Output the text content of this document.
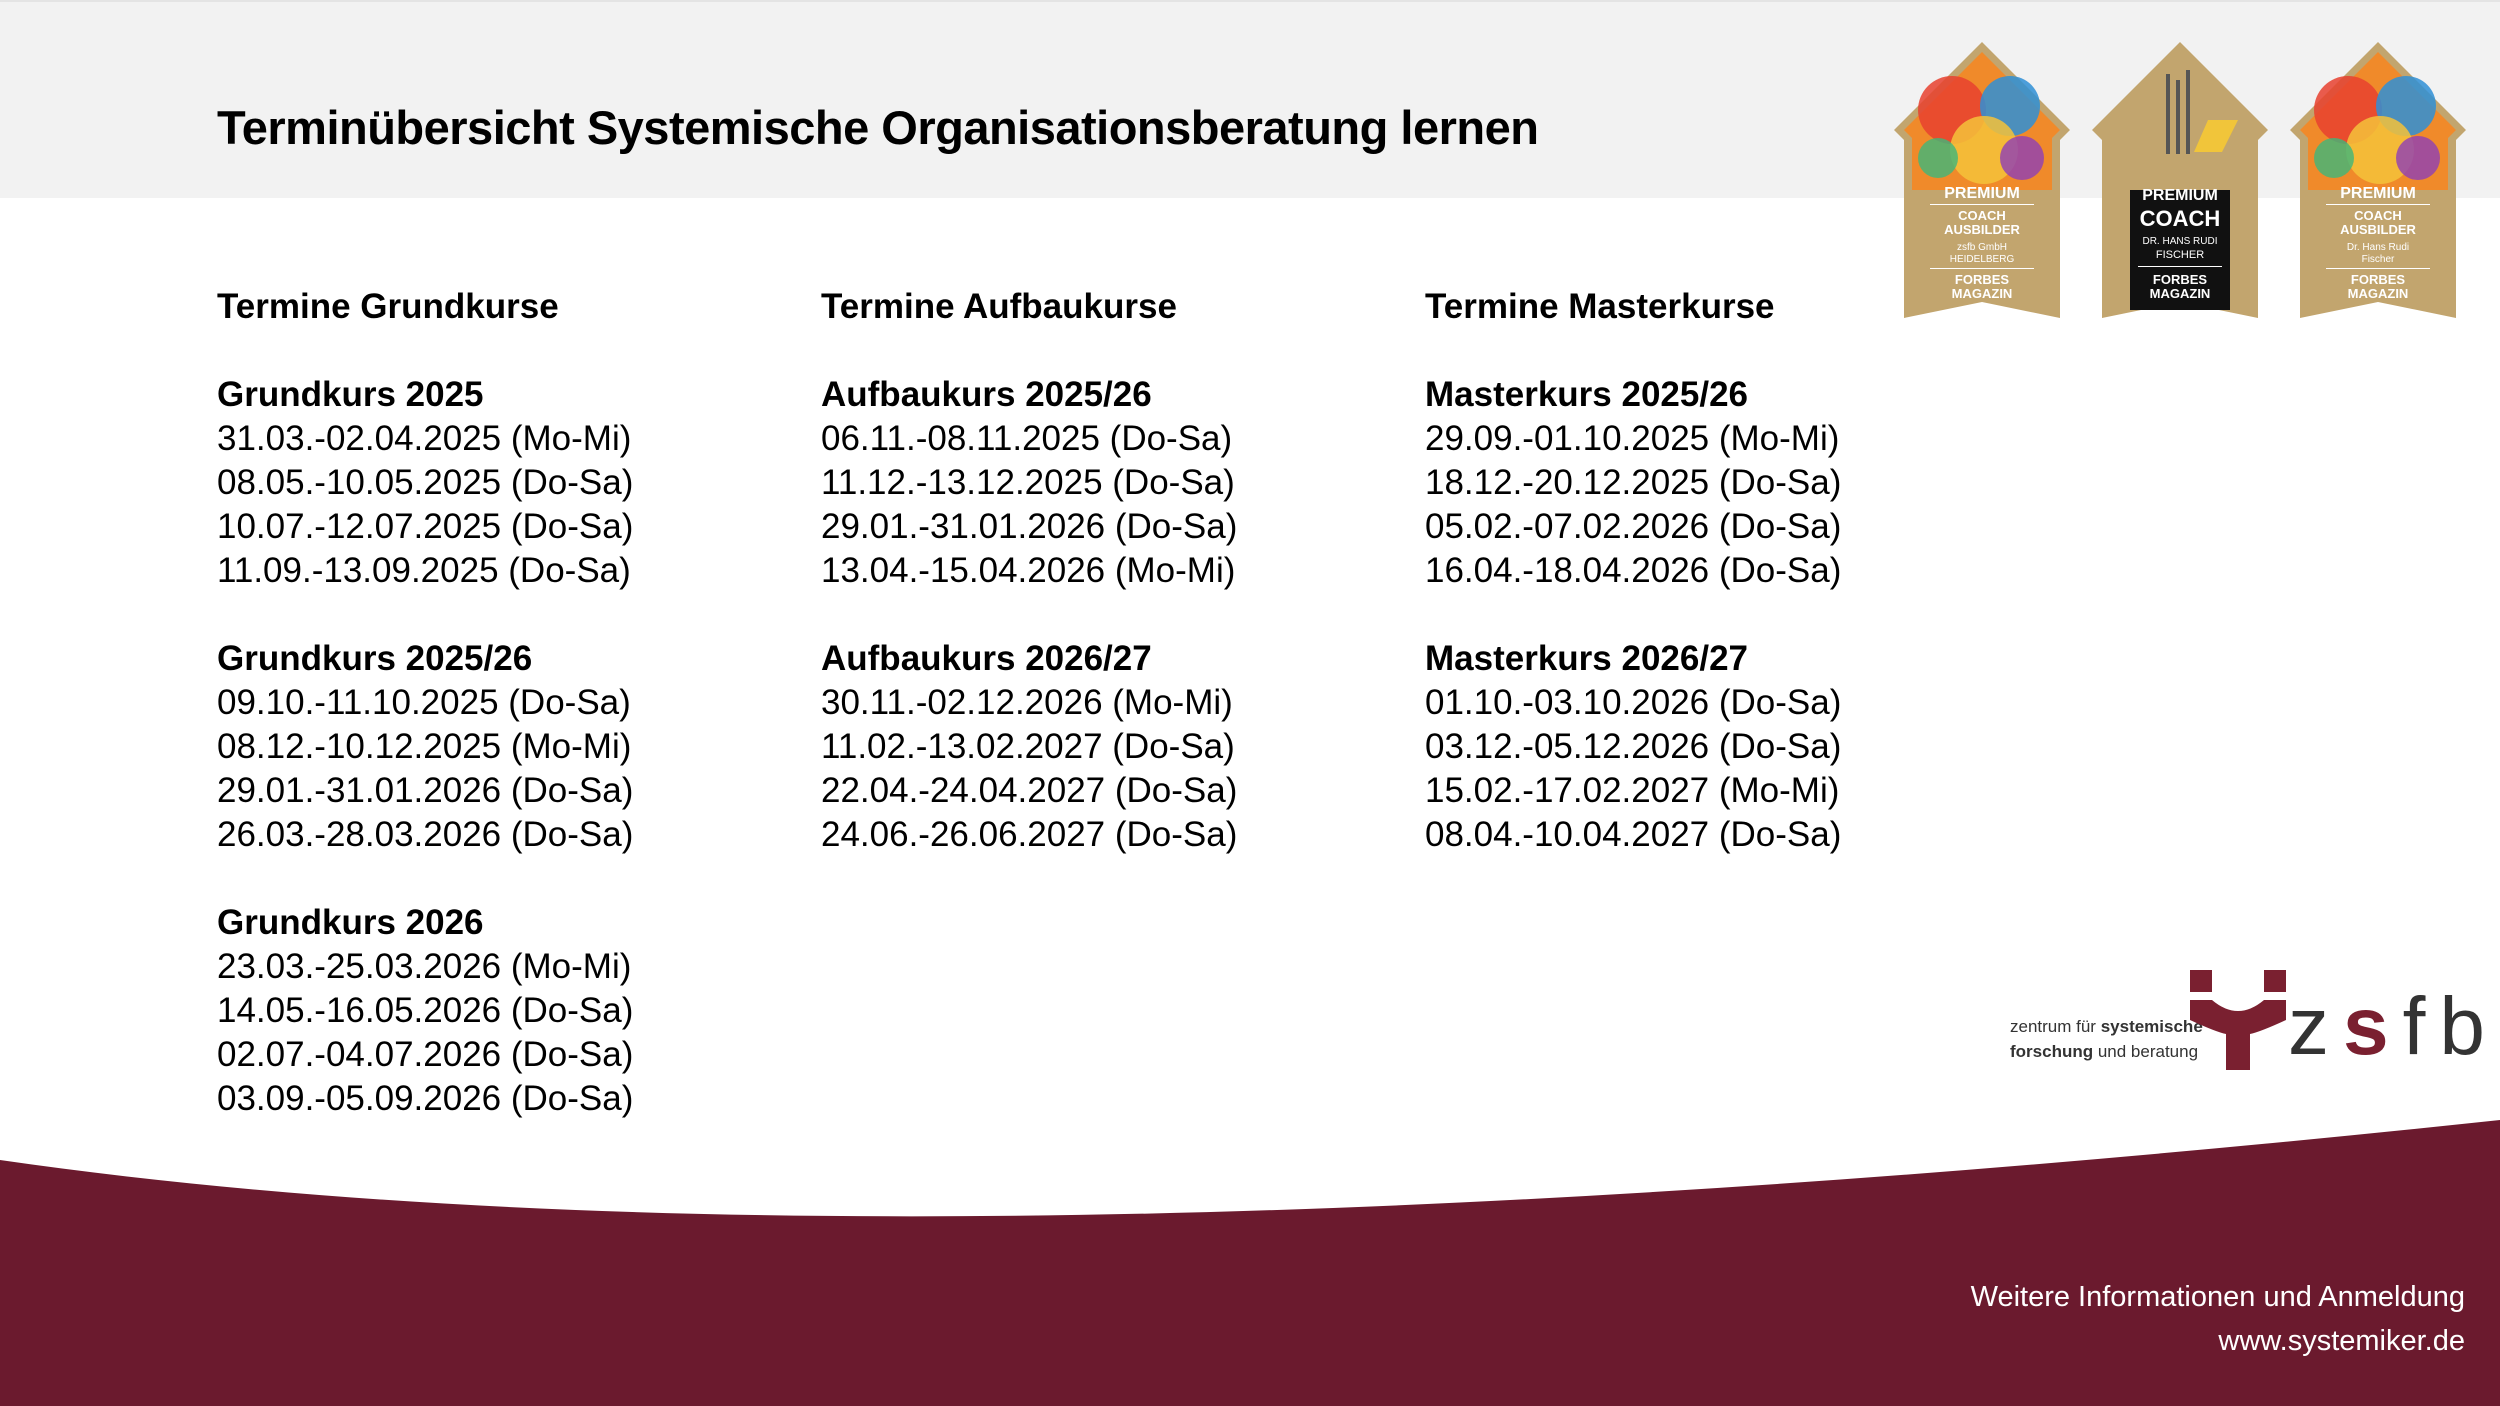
Terminübersicht Systemische Organisationsberatung lernen
PREMIUM
COACH
AUSBILDER
zsfb GmbH
HEIDELBERG
FORBES
MAGAZIN
PREMIUM
COACH
DR. HANS RUDI
FISCHER
FORBES
MAGAZIN
PREMIUM
COACH
AUSBILDER
Dr. Hans Rudi
Fischer
FORBES
MAGAZIN
Termine Grundkurse
Grundkurs 2025
31.03.-02.04.2025 (Mo-Mi)
08.05.-10.05.2025 (Do-Sa)
10.07.-12.07.2025 (Do-Sa)
11.09.-13.09.2025 (Do-Sa)
Grundkurs 2025/26
09.10.-11.10.2025 (Do-Sa)
08.12.-10.12.2025 (Mo-Mi)
29.01.-31.01.2026 (Do-Sa)
26.03.-28.03.2026 (Do-Sa)
Grundkurs 2026
23.03.-25.03.2026 (Mo-Mi)
14.05.-16.05.2026 (Do-Sa)
02.07.-04.07.2026 (Do-Sa)
03.09.-05.09.2026 (Do-Sa)
Termine Aufbaukurse
Aufbaukurs 2025/26
06.11.-08.11.2025 (Do-Sa)
11.12.-13.12.2025 (Do-Sa)
29.01.-31.01.2026 (Do-Sa)
13.04.-15.04.2026 (Mo-Mi)
Aufbaukurs 2026/27
30.11.-02.12.2026 (Mo-Mi)
11.02.-13.02.2027 (Do-Sa)
22.04.-24.04.2027 (Do-Sa)
24.06.-26.06.2027 (Do-Sa)
Termine Masterkurse
Masterkurs 2025/26
29.09.-01.10.2025 (Mo-Mi)
18.12.-20.12.2025 (Do-Sa)
05.02.-07.02.2026 (Do-Sa)
16.04.-18.04.2026 (Do-Sa)
Masterkurs 2026/27
01.10.-03.10.2026 (Do-Sa)
03.12.-05.12.2026 (Do-Sa)
15.02.-17.02.2027 (Mo-Mi)
08.04.-10.04.2027 (Do-Sa)
zentrum für systemische
forschung und beratung zsfb
Weitere Informationen und Anmeldung
www.systemiker.de
